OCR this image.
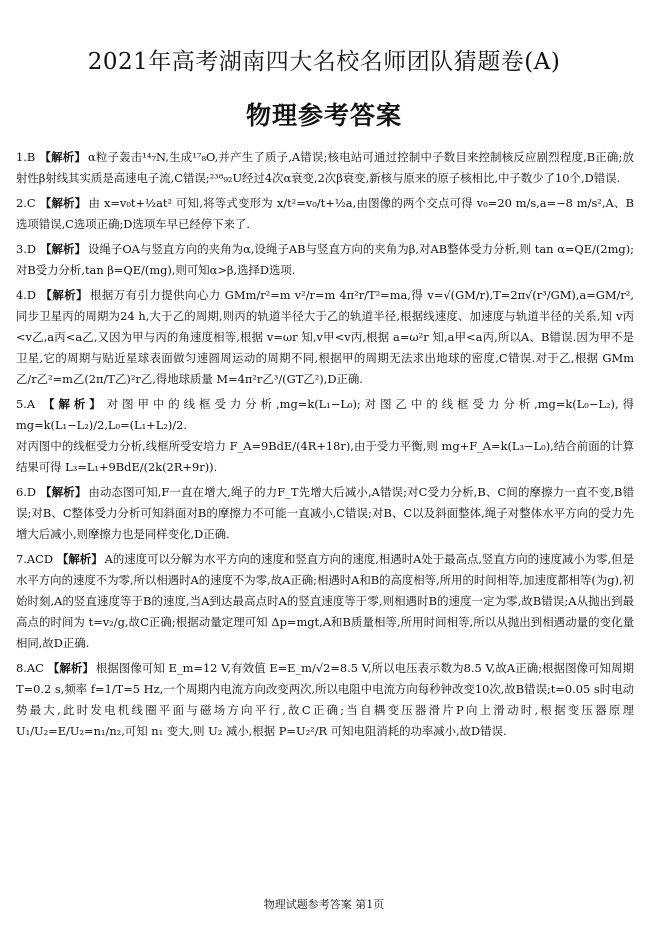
2021年高考湖南四大名校名师团队猜题卷(A)
物理参考答案

1.B 【解析】 α粒子轰击¹⁴₇N,生成¹⁷₈O,并产生了质子,A错误;核电站可通过控制中子数目来控制核反应剧烈程度,B正确;放射性β射线其实质是高速电子流,C错误;²³⁸₉₂U经过4次α衰变,2次β衰变,新核与原来的原子核相比,中子数少了10个,D错误.

2.C 【解析】 由 x=v₀t+½at² 可知,将等式变形为 x/t²=v₀/t+½a,由图像的两个交点可得 v₀=20 m/s,a=−8 m/s²,A、B选项错误,C选项正确;D选项车早已经停下来了.

3.D 【解析】 设绳子OA与竖直方向的夹角为α,设绳子AB与竖直方向的夹角为β,对AB整体受力分析,则 tan α=QE/(2mg);对B受力分析,tan β=QE/(mg),则可知α>β,选择D选项.

4.D 【解析】 根据万有引力提供向心力 GMm/r²=m v²/r=m 4π²r/T²=ma,得 v=√(GM/r),T=2π√(r³/GM),a=GM/r²,同步卫星丙的周期为24 h,大于乙的周期,则丙的轨道半径大于乙的轨道半径,根据线速度、加速度与轨道半径的关系,知 v丙<v乙,a丙<a乙,又因为甲与丙的角速度相等,根据 v=ωr 知,v甲<v丙,根据 a=ω²r 知,a甲<a丙,所以A、B错误.因为甲不是卫星,它的周期与贴近星球表面做匀速圆周运动的周期不同,根据甲的周期无法求出地球的密度,C错误.对于乙,根据 GMm乙/r乙²=m乙(2π/T乙)²r乙,得地球质量 M=4π²r乙³/(GT乙²),D正确.

5.A 【解析】 对图甲中的线框受力分析,mg=k(L₁−L₀);对图乙中的线框受力分析,mg=k(L₀−L₂),得 mg=k(L₁−L₂)/2,L₀=(L₁+L₂)/2.

对丙图中的线框受力分析,线框所受安培力 F_A=9BdE/(4R+18r),由于受力平衡,则 mg+F_A=k(L₃−L₀),结合前面的计算结果可得 L₃=L₁+9BdE/(2k(2R+9r)).

6.D 【解析】 由动态图可知,F一直在增大,绳子的力F_T先增大后减小,A错误;对C受力分析,B、C间的摩擦力一直不变,B错误;对B、C整体受力分析可知斜面对B的摩擦力不可能一直减小,C错误;对B、C以及斜面整体,绳子对整体水平方向的受力先增大后减小,则摩擦力也是同样变化,D正确.

7.ACD 【解析】 A的速度可以分解为水平方向的速度和竖直方向的速度,相遇时A处于最高点,竖直方向的速度减小为零,但是水平方向的速度不为零,所以相遇时A的速度不为零,故A正确;相遇时A和B的高度相等,所用的时间相等,加速度都相等(为g),初始时刻,A的竖直速度等于B的速度,当A到达最高点时A的竖直速度等于零,则相遇时B的速度一定为零,故B错误;A从抛出到最高点的时间为 t=v₂/g,故C正确;根据动量定理可知 Δp=mgt,A和B质量相等,所用时间相等,所以从抛出到相遇动量的变化量相同,故D正确.

8.AC 【解析】 根据图像可知 E_m=12 V,有效值 E=E_m/√2=8.5 V,所以电压表示数为8.5 V,故A正确;根据图像可知周期 T=0.2 s,频率 f=1/T=5 Hz,一个周期内电流方向改变两次,所以电阻中电流方向每秒钟改变10次,故B错误;t=0.05 s时电动势最大,此时发电机线圈平面与磁场方向平行,故C正确;当自耦变压器滑片P向上滑动时,根据变压器原理 U₁/U₂=E/U₂=n₁/n₂,可知 n₁ 变大,则 U₂ 减小,根据 P=U₂²/R 可知电阻消耗的功率减小,故D错误.

物理试题参考答案 第1页
